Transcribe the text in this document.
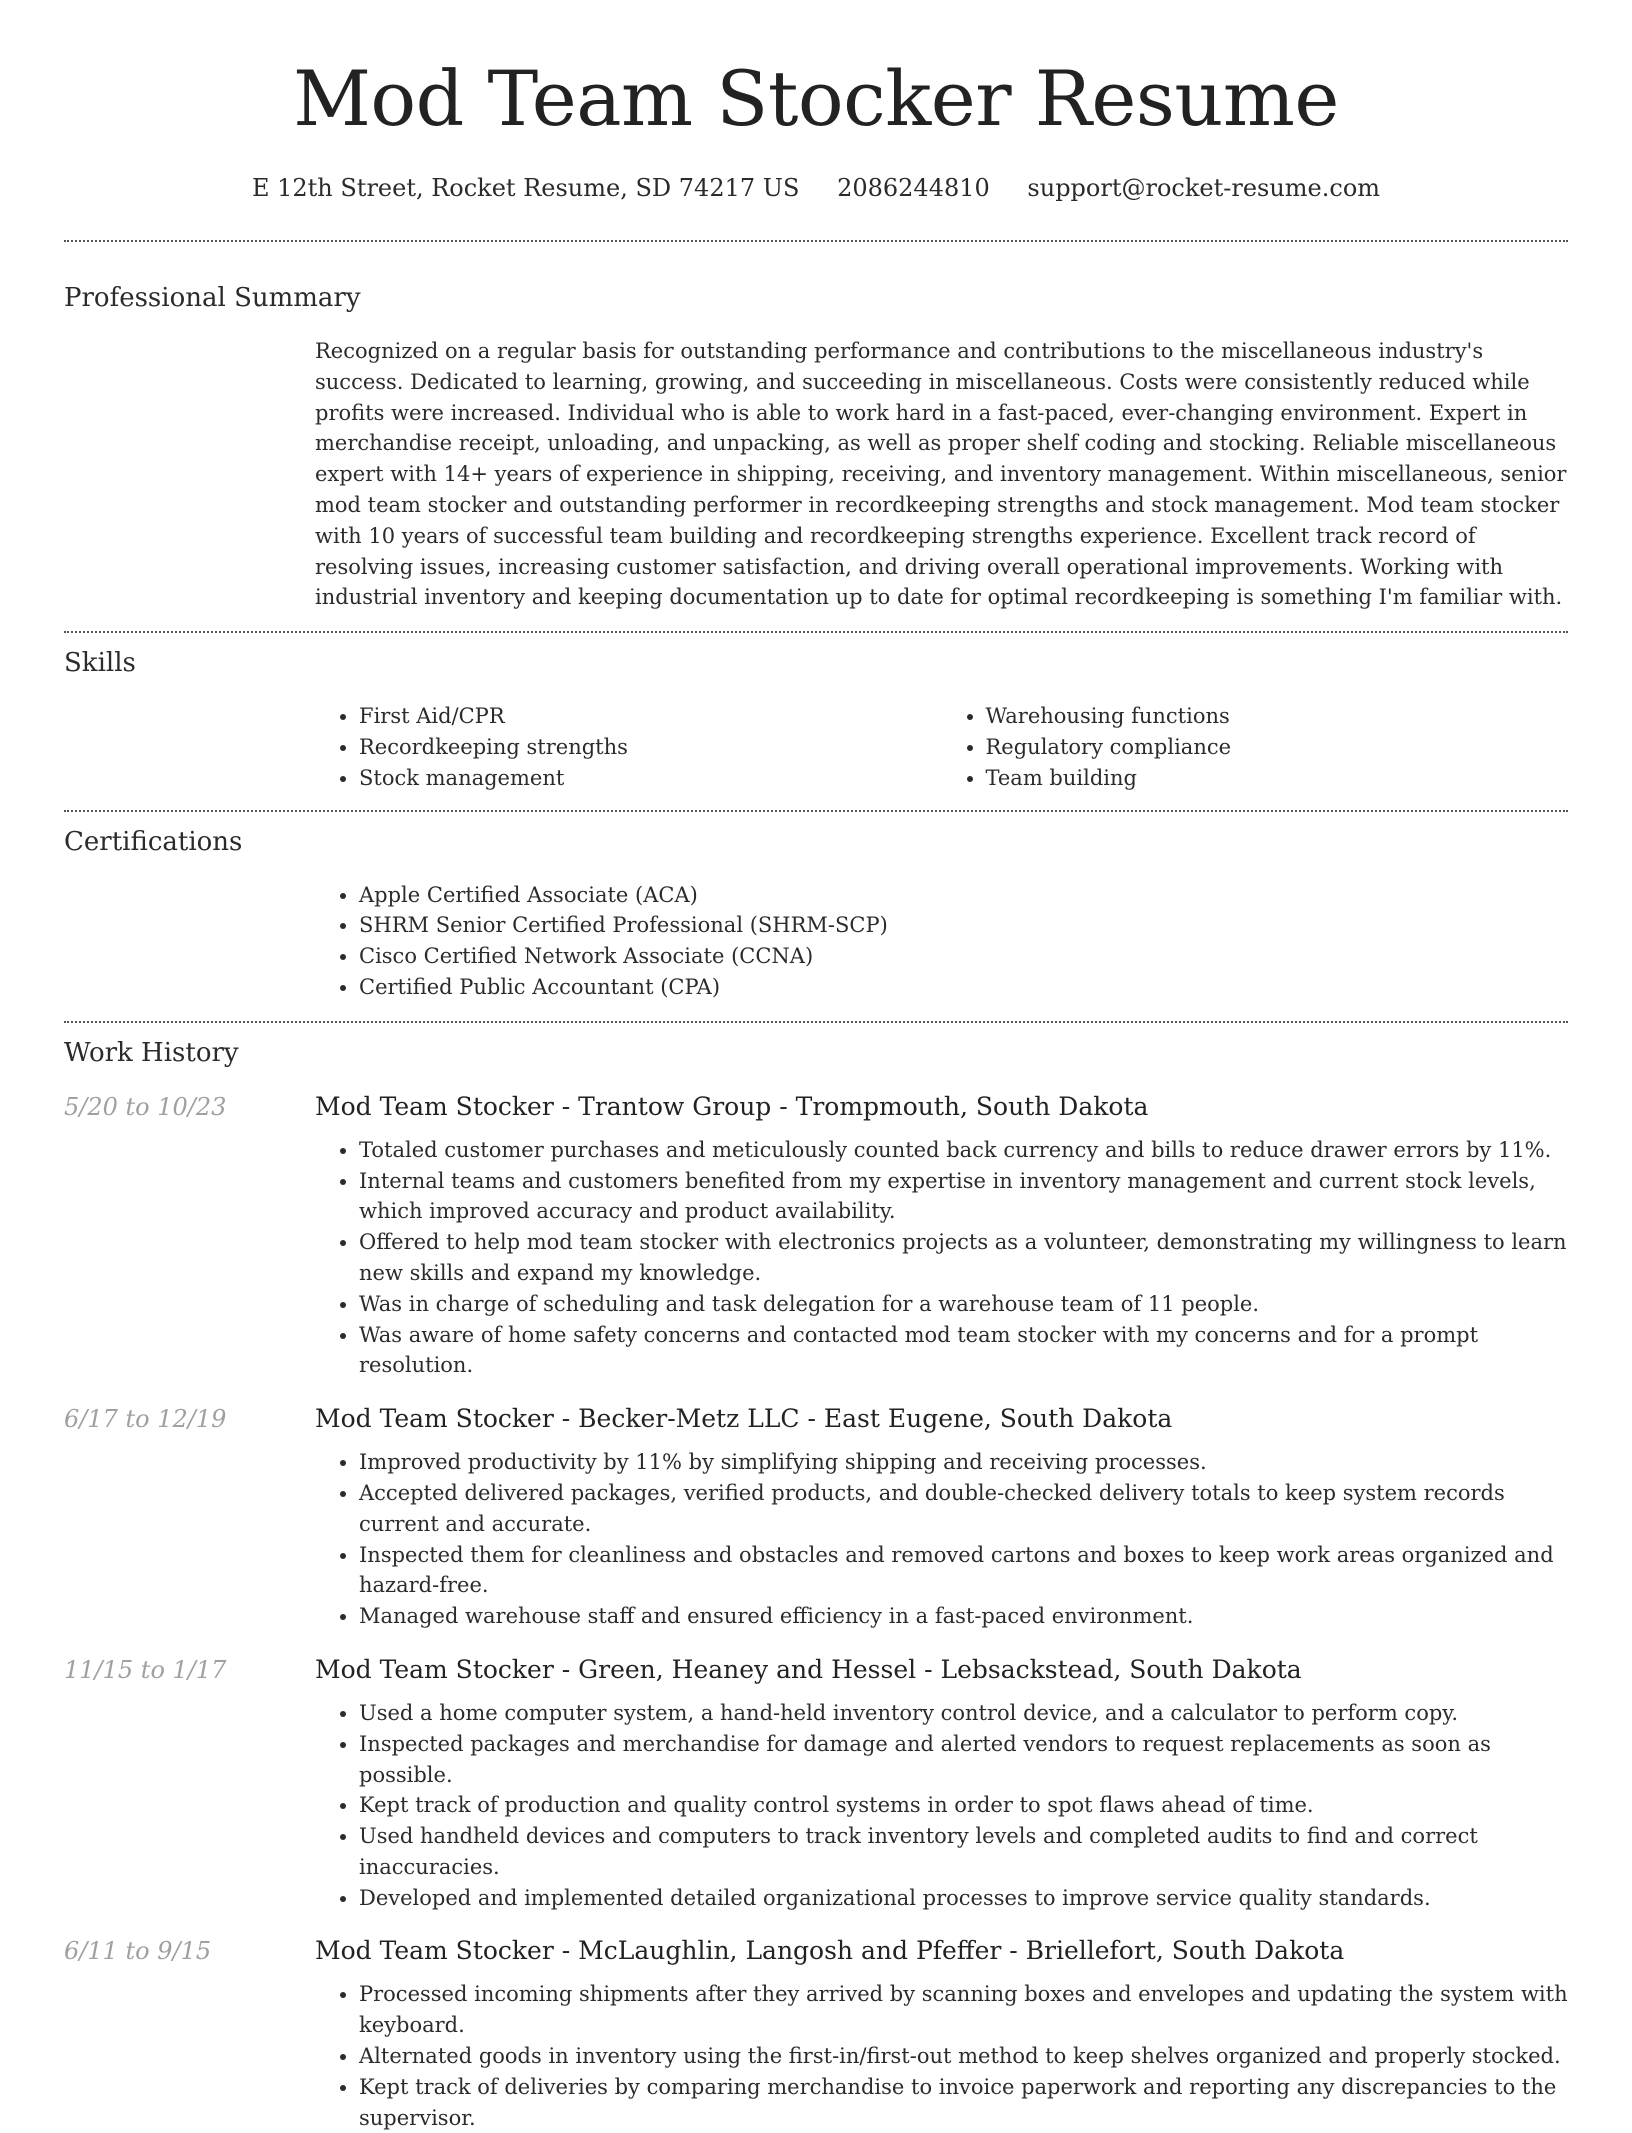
Mod Team Stocker Resume
E 12th Street, Rocket Resume, SD 74217 US 2086244810 support@rocket-resume.com
Professional Summary
Recognized on a regular basis for outstanding performance and contributions to the miscellaneous industry's success. Dedicated to learning, growing, and succeeding in miscellaneous. Costs were consistently reduced while profits were increased. Individual who is able to work hard in a fast-paced, ever-changing environment. Expert in merchandise receipt, unloading, and unpacking, as well as proper shelf coding and stocking. Reliable miscellaneous expert with 14+ years of experience in shipping, receiving, and inventory management. Within miscellaneous, senior mod team stocker and outstanding performer in recordkeeping strengths and stock management. Mod team stocker with 10 years of successful team building and recordkeeping strengths experience. Excellent track record of resolving issues, increasing customer satisfaction, and driving overall operational improvements. Working with industrial inventory and keeping documentation up to date for optimal recordkeeping is something I'm familiar with.
Skills
• First Aid/CPR
• Recordkeeping strengths
• Stock management
• Warehousing functions
• Regulatory compliance
• Team building
Certifications
• Apple Certified Associate (ACA)
• SHRM Senior Certified Professional (SHRM-SCP)
• Cisco Certified Network Associate (CCNA)
• Certified Public Accountant (CPA)
Work History
5/20 to 10/23	Mod Team Stocker - Trantow Group - Trompmouth, South Dakota
• Totaled customer purchases and meticulously counted back currency and bills to reduce drawer errors by 11%.
• Internal teams and customers benefited from my expertise in inventory management and current stock levels, which improved accuracy and product availability.
• Offered to help mod team stocker with electronics projects as a volunteer, demonstrating my willingness to learn new skills and expand my knowledge.
• Was in charge of scheduling and task delegation for a warehouse team of 11 people.
• Was aware of home safety concerns and contacted mod team stocker with my concerns and for a prompt resolution.
6/17 to 12/19	Mod Team Stocker - Becker-Metz LLC - East Eugene, South Dakota
• Improved productivity by 11% by simplifying shipping and receiving processes.
• Accepted delivered packages, verified products, and double-checked delivery totals to keep system records current and accurate.
• Inspected them for cleanliness and obstacles and removed cartons and boxes to keep work areas organized and hazard-free.
• Managed warehouse staff and ensured efficiency in a fast-paced environment.
11/15 to 1/17	Mod Team Stocker - Green, Heaney and Hessel - Lebsackstead, South Dakota
• Used a home computer system, a hand-held inventory control device, and a calculator to perform copy.
• Inspected packages and merchandise for damage and alerted vendors to request replacements as soon as possible.
• Kept track of production and quality control systems in order to spot flaws ahead of time.
• Used handheld devices and computers to track inventory levels and completed audits to find and correct inaccuracies.
• Developed and implemented detailed organizational processes to improve service quality standards.
6/11 to 9/15	Mod Team Stocker - McLaughlin, Langosh and Pfeffer - Briellefort, South Dakota
• Processed incoming shipments after they arrived by scanning boxes and envelopes and updating the system with keyboard.
• Alternated goods in inventory using the first-in/first-out method to keep shelves organized and properly stocked.
• Kept track of deliveries by comparing merchandise to invoice paperwork and reporting any discrepancies to the supervisor.
